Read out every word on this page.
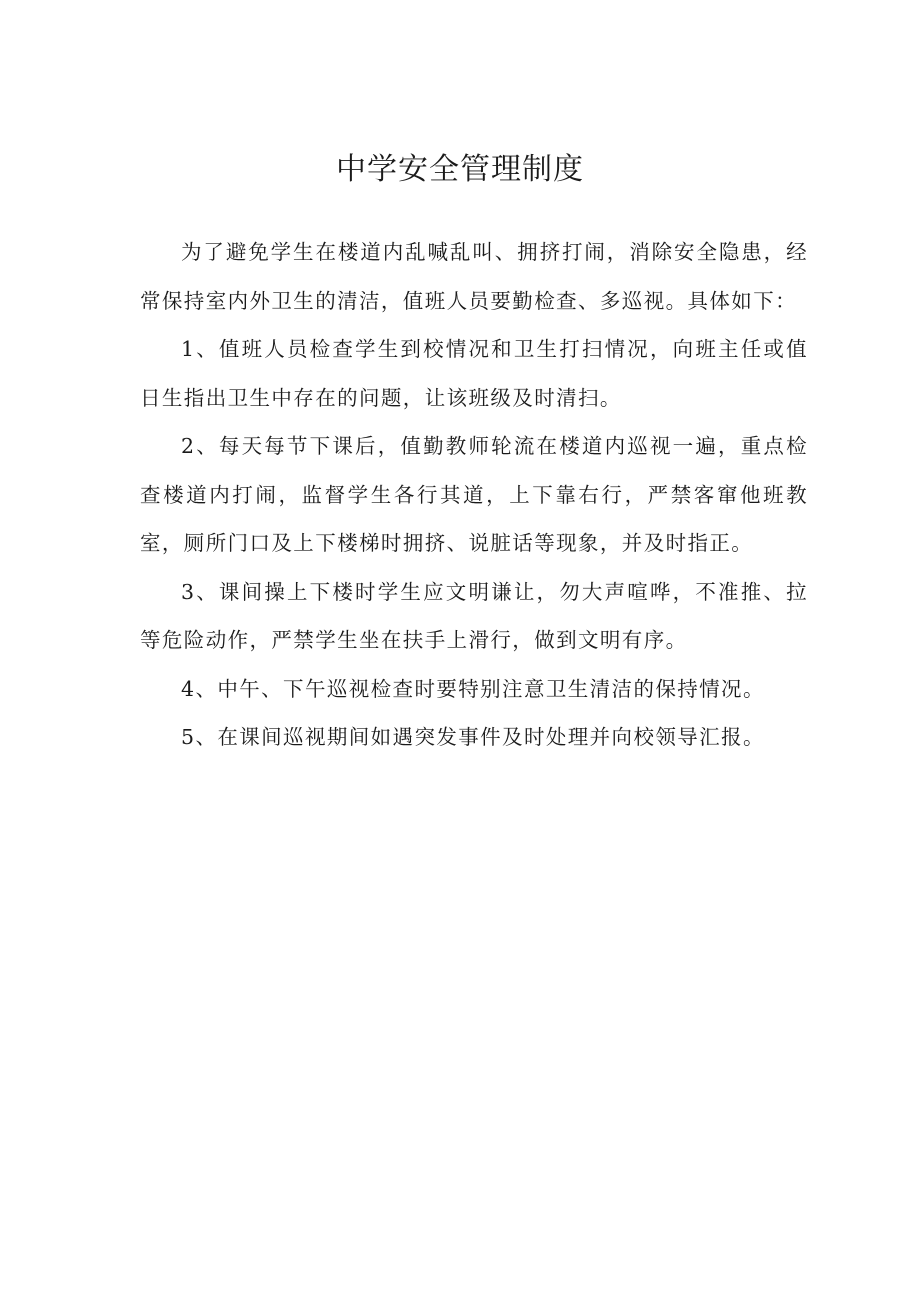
中学安全管理制度

为了避免学生在楼道内乱喊乱叫、拥挤打闹，消除安全隐患，经常保持室内外卫生的清洁，值班人员要勤检查、多巡视。具体如下：

1、值班人员检查学生到校情况和卫生打扫情况，向班主任或值日生指出卫生中存在的问题，让该班级及时清扫。

2、每天每节下课后，值勤教师轮流在楼道内巡视一遍，重点检查楼道内打闹，监督学生各行其道，上下靠右行，严禁客窜他班教室，厕所门口及上下楼梯时拥挤、说脏话等现象，并及时指正。

3、课间操上下楼时学生应文明谦让，勿大声喧哗，不准推、拉等危险动作，严禁学生坐在扶手上滑行，做到文明有序。

4、中午、下午巡视检查时要特别注意卫生清洁的保持情况。

5、在课间巡视期间如遇突发事件及时处理并向校领导汇报。
